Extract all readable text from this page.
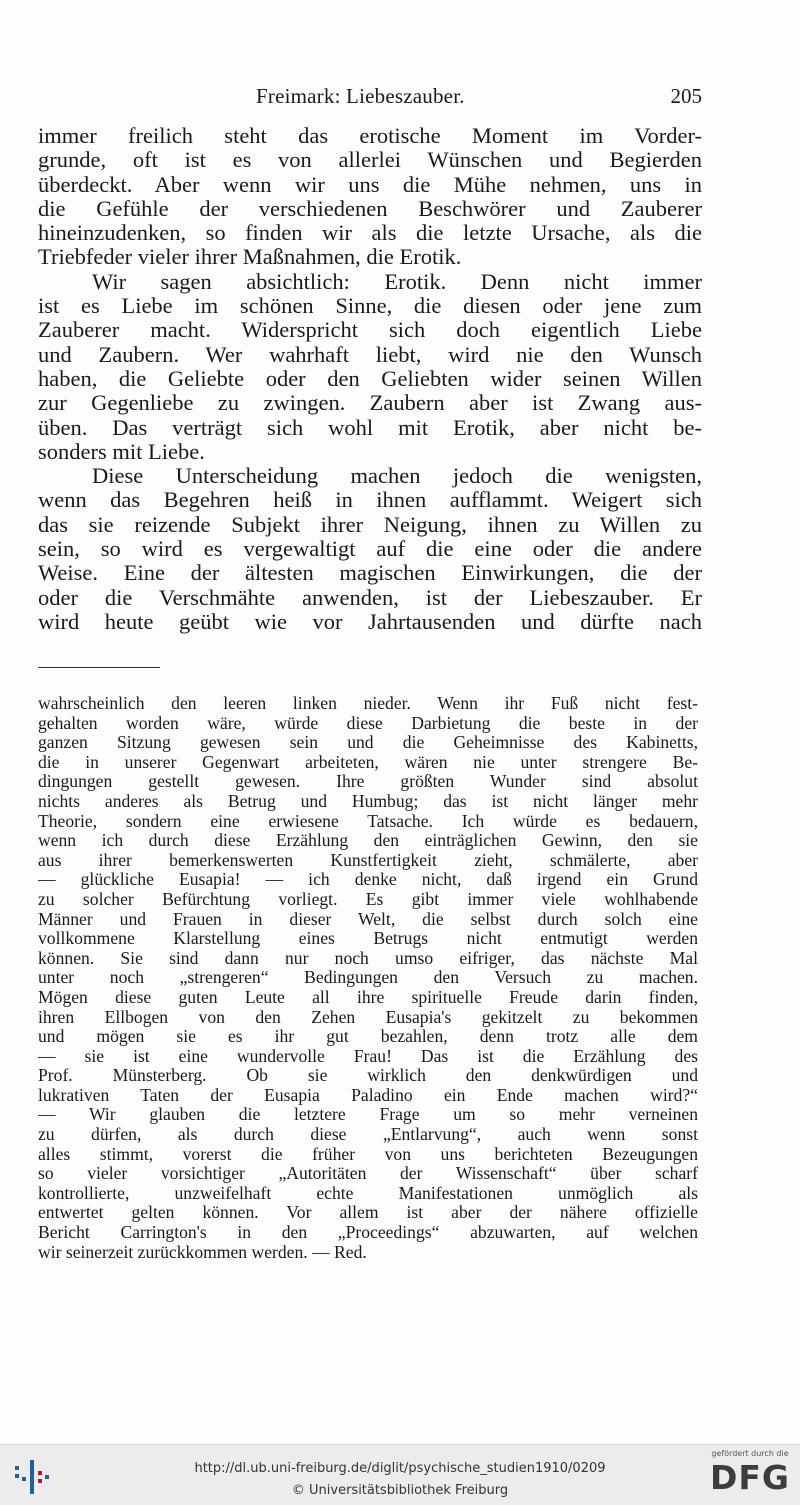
Freimark: Liebeszauber.	205
immer freilich steht das erotische Moment im Vorder-
grunde, oft ist es von allerlei Wünschen und Begierden
überdeckt. Aber wenn wir uns die Mühe nehmen, uns in
die Gefühle der verschiedenen Beschwörer und Zauberer
hineinzudenken, so finden wir als die letzte Ursache, als die
Triebfeder vieler ihrer Maßnahmen, die Erotik.
Wir sagen absichtlich: Erotik. Denn nicht immer
ist es Liebe im schönen Sinne, die diesen oder jene zum
Zauberer macht. Widerspricht sich doch eigentlich Liebe
und Zaubern. Wer wahrhaft liebt, wird nie den Wunsch
haben, die Geliebte oder den Geliebten wider seinen Willen
zur Gegenliebe zu zwingen. Zaubern aber ist Zwang aus-
üben. Das verträgt sich wohl mit Erotik, aber nicht be-
sonders mit Liebe.
Diese Unterscheidung machen jedoch die wenigsten,
wenn das Begehren heiß in ihnen aufflammt. Weigert sich
das sie reizende Subjekt ihrer Neigung, ihnen zu Willen zu
sein, so wird es vergewaltigt auf die eine oder die andere
Weise. Eine der ältesten magischen Einwirkungen, die der
oder die Verschmähte anwenden, ist der Liebeszauber. Er
wird heute geübt wie vor Jahrtausenden und dürfte nach
wahrscheinlich den leeren linken nieder. Wenn ihr Fuß nicht fest-
gehalten worden wäre, würde diese Darbietung die beste in der
ganzen Sitzung gewesen sein und die Geheimnisse des Kabinetts,
die in unserer Gegenwart arbeiteten, wären nie unter strengere Be-
dingungen gestellt gewesen. Ihre größten Wunder sind absolut
nichts anderes als Betrug und Humbug; das ist nicht länger mehr
Theorie, sondern eine erwiesene Tatsache. Ich würde es bedauern,
wenn ich durch diese Erzählung den einträglichen Gewinn, den sie
aus ihrer bemerkenswerten Kunstfertigkeit zieht, schmälerte, aber
— glückliche Eusapia! — ich denke nicht, daß irgend ein Grund
zu solcher Befürchtung vorliegt. Es gibt immer viele wohlhabende
Männer und Frauen in dieser Welt, die selbst durch solch eine
vollkommene Klarstellung eines Betrugs nicht entmutigt werden
können. Sie sind dann nur noch umso eifriger, das nächste Mal
unter noch „strengeren“ Bedingungen den Versuch zu machen.
Mögen diese guten Leute all ihre spirituelle Freude darin finden,
ihren Ellbogen von den Zehen Eusapia's gekitzelt zu bekommen
und mögen sie es ihr gut bezahlen, denn trotz alle dem
— sie ist eine wundervolle Frau! Das ist die Erzählung des
Prof. Münsterberg. Ob sie wirklich den denkwürdigen und
lukrativen Taten der Eusapia Paladino ein Ende machen wird?“
— Wir glauben die letztere Frage um so mehr verneinen
zu dürfen, als durch diese „Entlarvung“, auch wenn sonst
alles stimmt, vorerst die früher von uns berichteten Bezeugungen
so vieler vorsichtiger „Autoritäten der Wissenschaft“ über scharf
kontrollierte, unzweifelhaft echte Manifestationen unmöglich als
entwertet gelten können. Vor allem ist aber der nähere offizielle
Bericht Carrington's in den „Proceedings“ abzuwarten, auf welchen
wir seinerzeit zurückkommen werden. — Red.
http://dl.ub.uni-freiburg.de/diglit/psychische_studien1910/0209
© Universitätsbibliothek Freiburg
gefördert durch die
DFG
